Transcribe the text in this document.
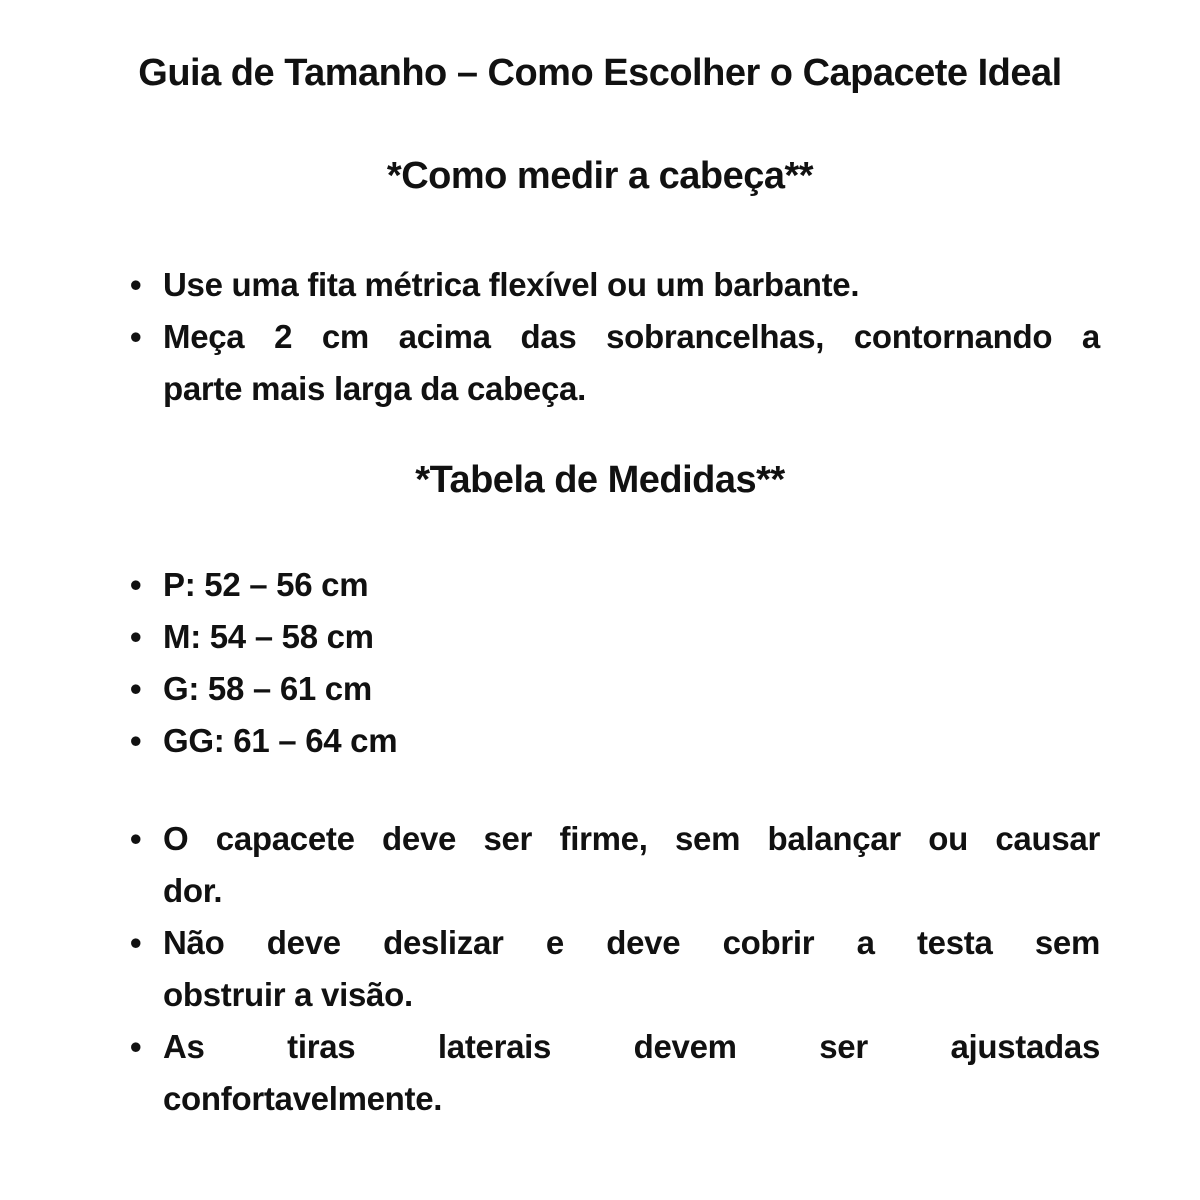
Guia de Tamanho – Como Escolher o Capacete Ideal
*Como medir a cabeça**
•
Use uma fita métrica flexível ou um barbante.
•
Meça 2 cm acima das sobrancelhas, contornando a
parte mais larga da cabeça.
*Tabela de Medidas**
•
P: 52 – 56 cm
•
M: 54 – 58 cm
•
G: 58 – 61 cm
•
GG: 61 – 64 cm
•
O capacete deve ser firme, sem balançar ou causar
dor.
•
Não deve deslizar e deve cobrir a testa sem
obstruir a visão.
•
As tiras laterais devem ser ajustadas
confortavelmente.
